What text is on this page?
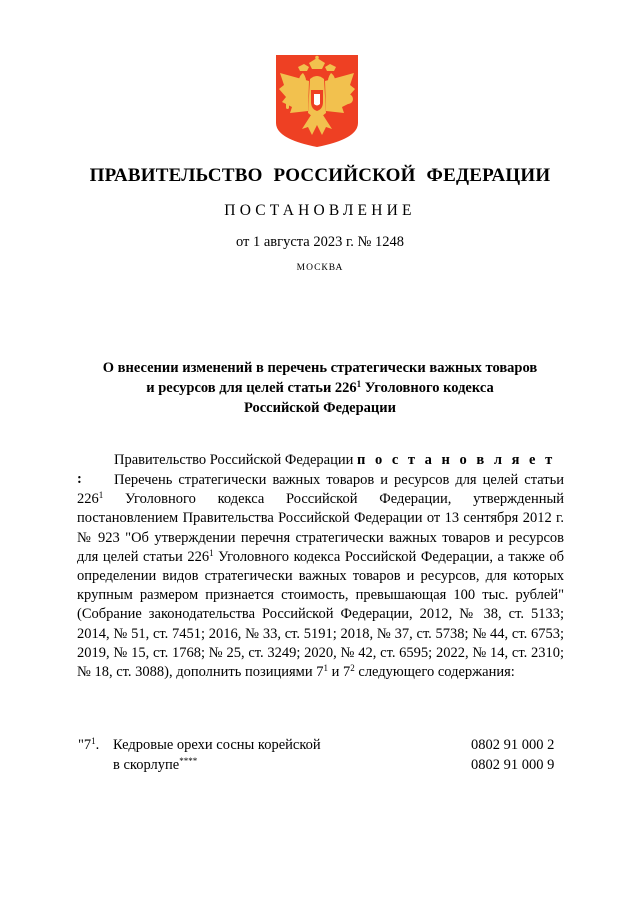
ПРАВИТЕЛЬСТВО РОССИЙСКОЙ ФЕДЕРАЦИИ
ПОСТАНОВЛЕНИЕ
от 1 августа 2023 г. № 1248
МОСКВА
О внесении изменений в перечень стратегически важных товаров
и ресурсов для целей статьи $226^1$ Уголовного кодекса
Российской Федерации
Правительство Российской Федерации п о с т а н о в л я е т :	Перечень стратегически важных товаров и ресурсов для целей статьи $226^1$ Уголовного кодекса Российской Федерации, утвержденный постановлением Правительства Российской Федерации от 13 сентября 2012 г. № 923 "Об утверждении перечня стратегически важных товаров и ресурсов для целей статьи $226^1$ Уголовного кодекса Российской Федерации, а также об определении видов стратегически важных товаров и ресурсов, для которых крупным размером признается стоимость, превышающая 100 тыс. рублей" (Собрание законодательства Российской Федерации, 2012, № 38, ст. 5133; 2014, № 51, ст. 7451; 2016, № 33, ст. 5191; 2018, № 37, ст. 5738; № 44, ст. 6753; 2019, № 15, ст. 1768; № 25, ст. 3249; 2020, № 42, ст. 6595; 2022, № 14, ст. 2310; № 18, ст. 3088), дополнить позициями $7^1$ и $7^2$ следующего содержания:
"$7^1$. Кедровые орехи сосны корейской	0802 91 000 2
в скорлупе****	0802 91 000 9
